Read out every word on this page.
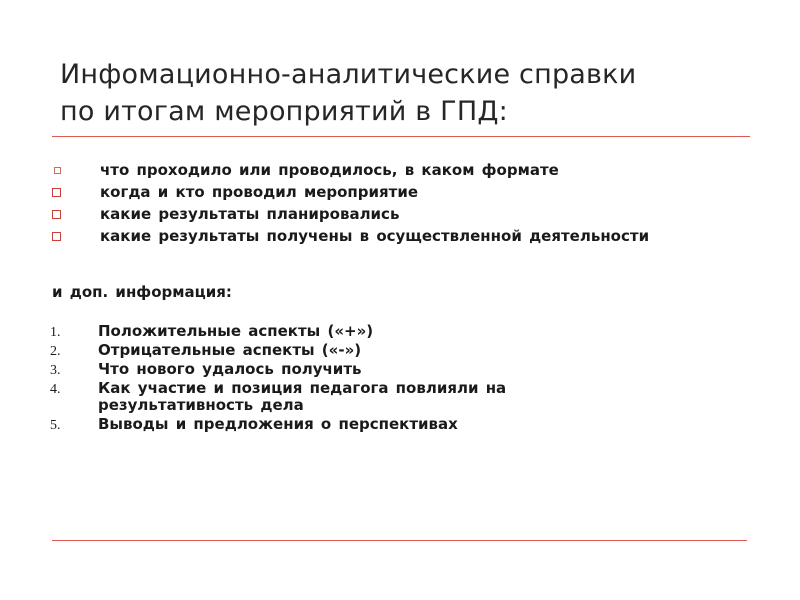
Инфомационно-аналитические справки
по итогам мероприятий в ГПД:
что проходило или проводилось, в каком формате
когда и кто проводил мероприятие
какие результаты планировались
какие результаты получены в осуществленной деятельности

и доп. информация:

1.	Положительные аспекты («+»)
2.	Отрицательные аспекты («-»)
3.	Что нового удалось получить
4.	Как участие и позиция педагога повлияли на результативность дела
5.	Выводы и предложения о перспективах
